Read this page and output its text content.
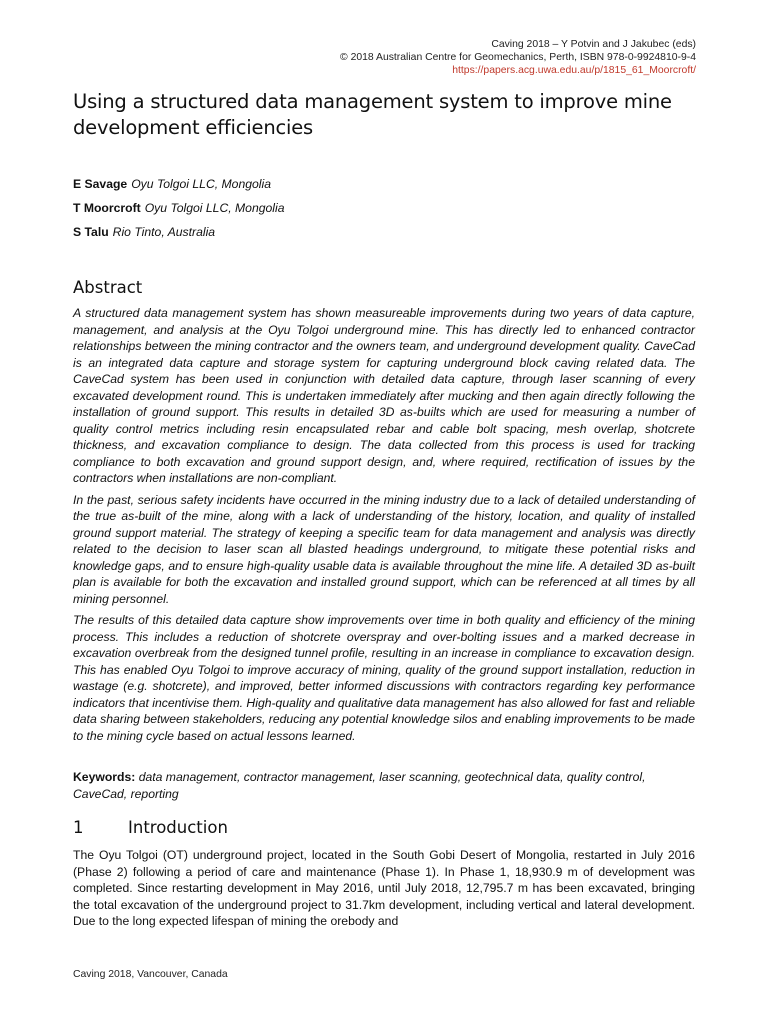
Caving 2018 – Y Potvin and J Jakubec (eds)
© 2018 Australian Centre for Geomechanics, Perth, ISBN 978-0-9924810-9-4
https://papers.acg.uwa.edu.au/p/1815_61_Moorcroft/
Using a structured data management system to improve mine development efficiencies
E Savage Oyu Tolgoi LLC, Mongolia
T Moorcroft Oyu Tolgoi LLC, Mongolia
S Talu Rio Tinto, Australia
Abstract

A structured data management system has shown measureable improvements during two years of data capture, management, and analysis at the Oyu Tolgoi underground mine. This has directly led to enhanced contractor relationships between the mining contractor and the owners team, and underground development quality. CaveCad is an integrated data capture and storage system for capturing underground block caving related data. The CaveCad system has been used in conjunction with detailed data capture, through laser scanning of every excavated development round. This is undertaken immediately after mucking and then again directly following the installation of ground support. This results in detailed 3D as-builts which are used for measuring a number of quality control metrics including resin encapsulated rebar and cable bolt spacing, mesh overlap, shotcrete thickness, and excavation compliance to design. The data collected from this process is used for tracking compliance to both excavation and ground support design, and, where required, rectification of issues by the contractors when installations are non-compliant.

In the past, serious safety incidents have occurred in the mining industry due to a lack of detailed understanding of the true as-built of the mine, along with a lack of understanding of the history, location, and quality of installed ground support material. The strategy of keeping a specific team for data management and analysis was directly related to the decision to laser scan all blasted headings underground, to mitigate these potential risks and knowledge gaps, and to ensure high-quality usable data is available throughout the mine life. A detailed 3D as-built plan is available for both the excavation and installed ground support, which can be referenced at all times by all mining personnel.

The results of this detailed data capture show improvements over time in both quality and efficiency of the mining process. This includes a reduction of shotcrete overspray and over-bolting issues and a marked decrease in excavation overbreak from the designed tunnel profile, resulting in an increase in compliance to excavation design. This has enabled Oyu Tolgoi to improve accuracy of mining, quality of the ground support installation, reduction in wastage (e.g. shotcrete), and improved, better informed discussions with contractors regarding key performance indicators that incentivise them. High-quality and qualitative data management has also allowed for fast and reliable data sharing between stakeholders, reducing any potential knowledge silos and enabling improvements to be made to the mining cycle based on actual lessons learned.

Keywords: data management, contractor management, laser scanning, geotechnical data, quality control, CaveCad, reporting
1	Introduction

The Oyu Tolgoi (OT) underground project, located in the South Gobi Desert of Mongolia, restarted in July 2016 (Phase 2) following a period of care and maintenance (Phase 1). In Phase 1, 18,930.9 m of development was completed. Since restarting development in May 2016, until July 2018, 12,795.7 m has been excavated, bringing the total excavation of the underground project to 31.7km development, including vertical and lateral development. Due to the long expected lifespan of mining the orebody and

Caving 2018, Vancouver, Canada
